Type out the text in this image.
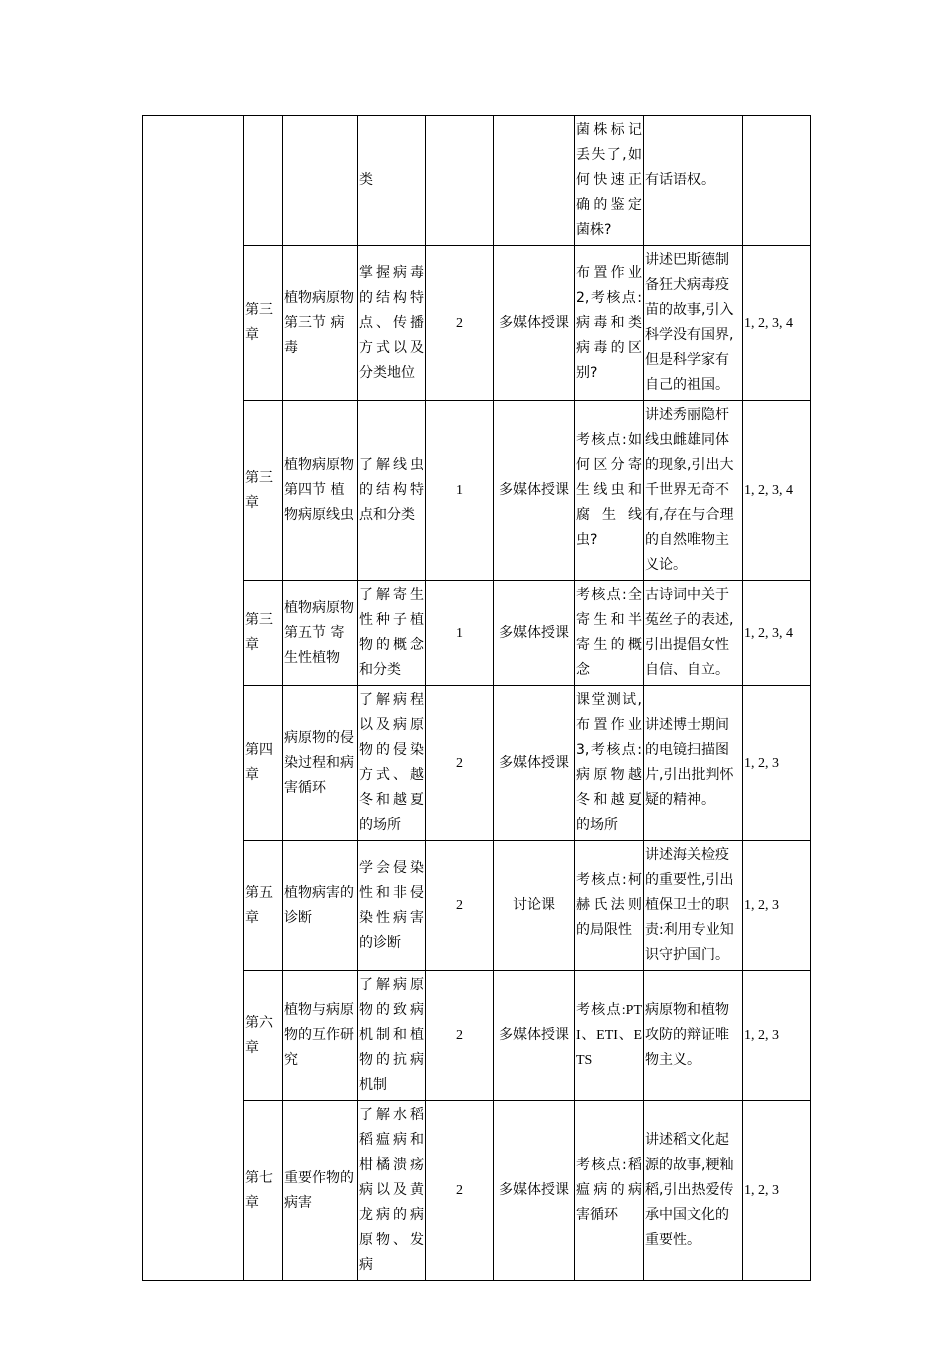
			类			菌株标记丢失了,如何快速正确的鉴定菌株?	有话语权。	
	第三章	植物病原物第三节 病毒	掌握病毒的结构特点、传播方式以及分类地位	2	多媒体授课	布置作业2,考核点:病毒和类病毒的区别?	讲述巴斯德制备狂犬病毒疫苗的故事,引入科学没有国界,但是科学家有自己的祖国。	1, 2, 3, 4
	第三章	植物病原物第四节 植物病原线虫	了解线虫的结构特点和分类	1	多媒体授课	考核点:如何区分寄生线虫和腐 生 线虫?	讲述秀丽隐杆线虫雌雄同体的现象,引出大千世界无奇不有,存在与合理的自然唯物主义论。	1, 2, 3, 4
	第三章	植物病原物第五节 寄生性植物	了解寄生性种子植物的概念和分类	1	多媒体授课	考核点:全寄生和半寄生的概念	古诗词中关于菟丝子的表述,引出提倡女性自信、自立。	1, 2, 3, 4
	第四章	病原物的侵染过程和病害循环	了解病程以及病原物的侵染方式、越冬和越夏的场所	2	多媒体授课	课堂测试,布置作业3,考核点:病原物越冬和越夏的场所	讲述博士期间的电镜扫描图片,引出批判怀疑的精神。	1, 2, 3
	第五章	植物病害的诊断	学会侵染性和非侵染性病害的诊断	2	讨论课	考核点:柯赫氏法则的局限性	讲述海关检疫的重要性,引出植保卫士的职责:利用专业知识守护国门。	1, 2, 3
	第六章	植物与病原物的互作研究	了解病原物的致病机制和植物的抗病机制	2	多媒体授课	考核点:PTI、ETI、ETS	病原物和植物攻防的辩证唯物主义。	1, 2, 3
	第七章	重要作物的病害	了解水稻稻瘟病和柑橘溃疡病以及黄龙病的病原物、发病	2	多媒体授课	考核点:稻瘟病的病害循环	讲述稻文化起源的故事,粳籼稻,引出热爱传承中国文化的重要性。	1, 2, 3
